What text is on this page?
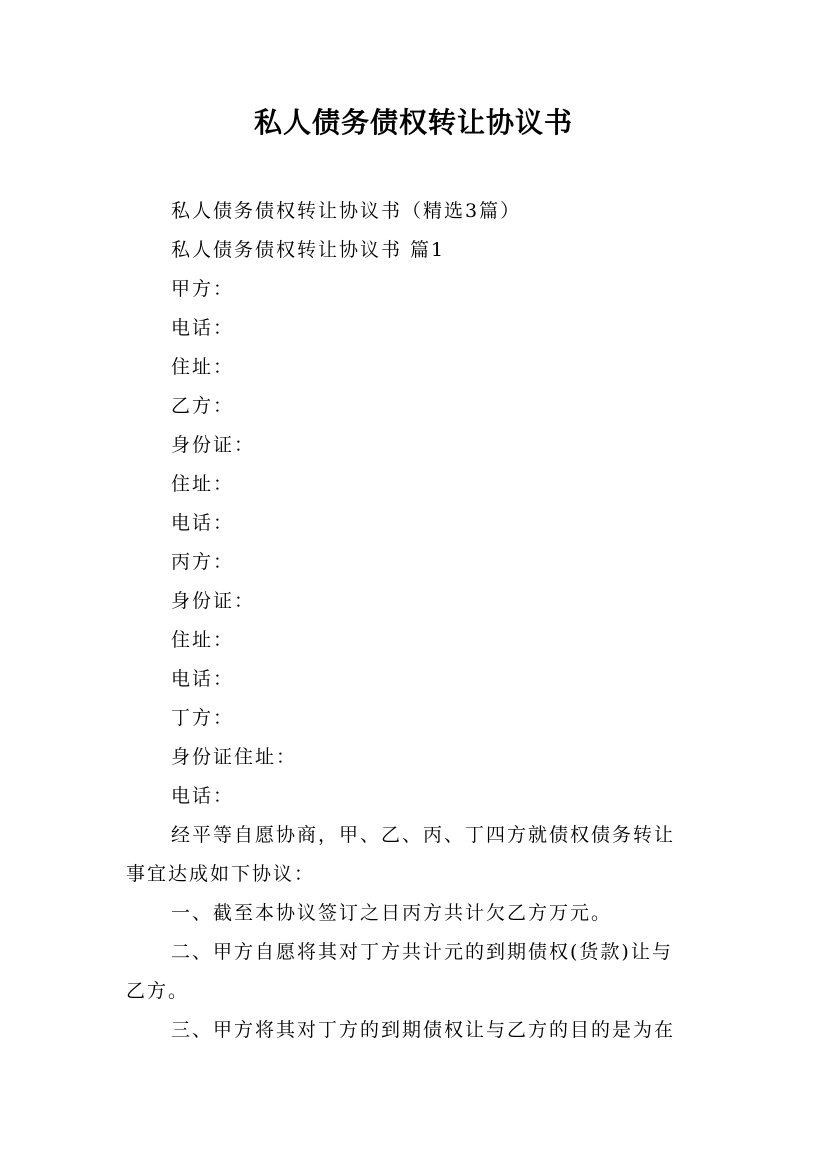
私人债务债权转让协议书
私人债务债权转让协议书（精选3篇）
私人债务债权转让协议书 篇1
甲方：
电话：
住址：
乙方：
身份证：
住址：
电话：
丙方：
身份证：
住址：
电话：
丁方：
身份证住址：
电话：
经平等自愿协商，甲、乙、丙、丁四方就债权债务转让
事宜达成如下协议：
一、截至本协议签订之日丙方共计欠乙方万元。
二、甲方自愿将其对丁方共计元的到期债权(货款)让与
乙方。
三、甲方将其对丁方的到期债权让与乙方的目的是为在
